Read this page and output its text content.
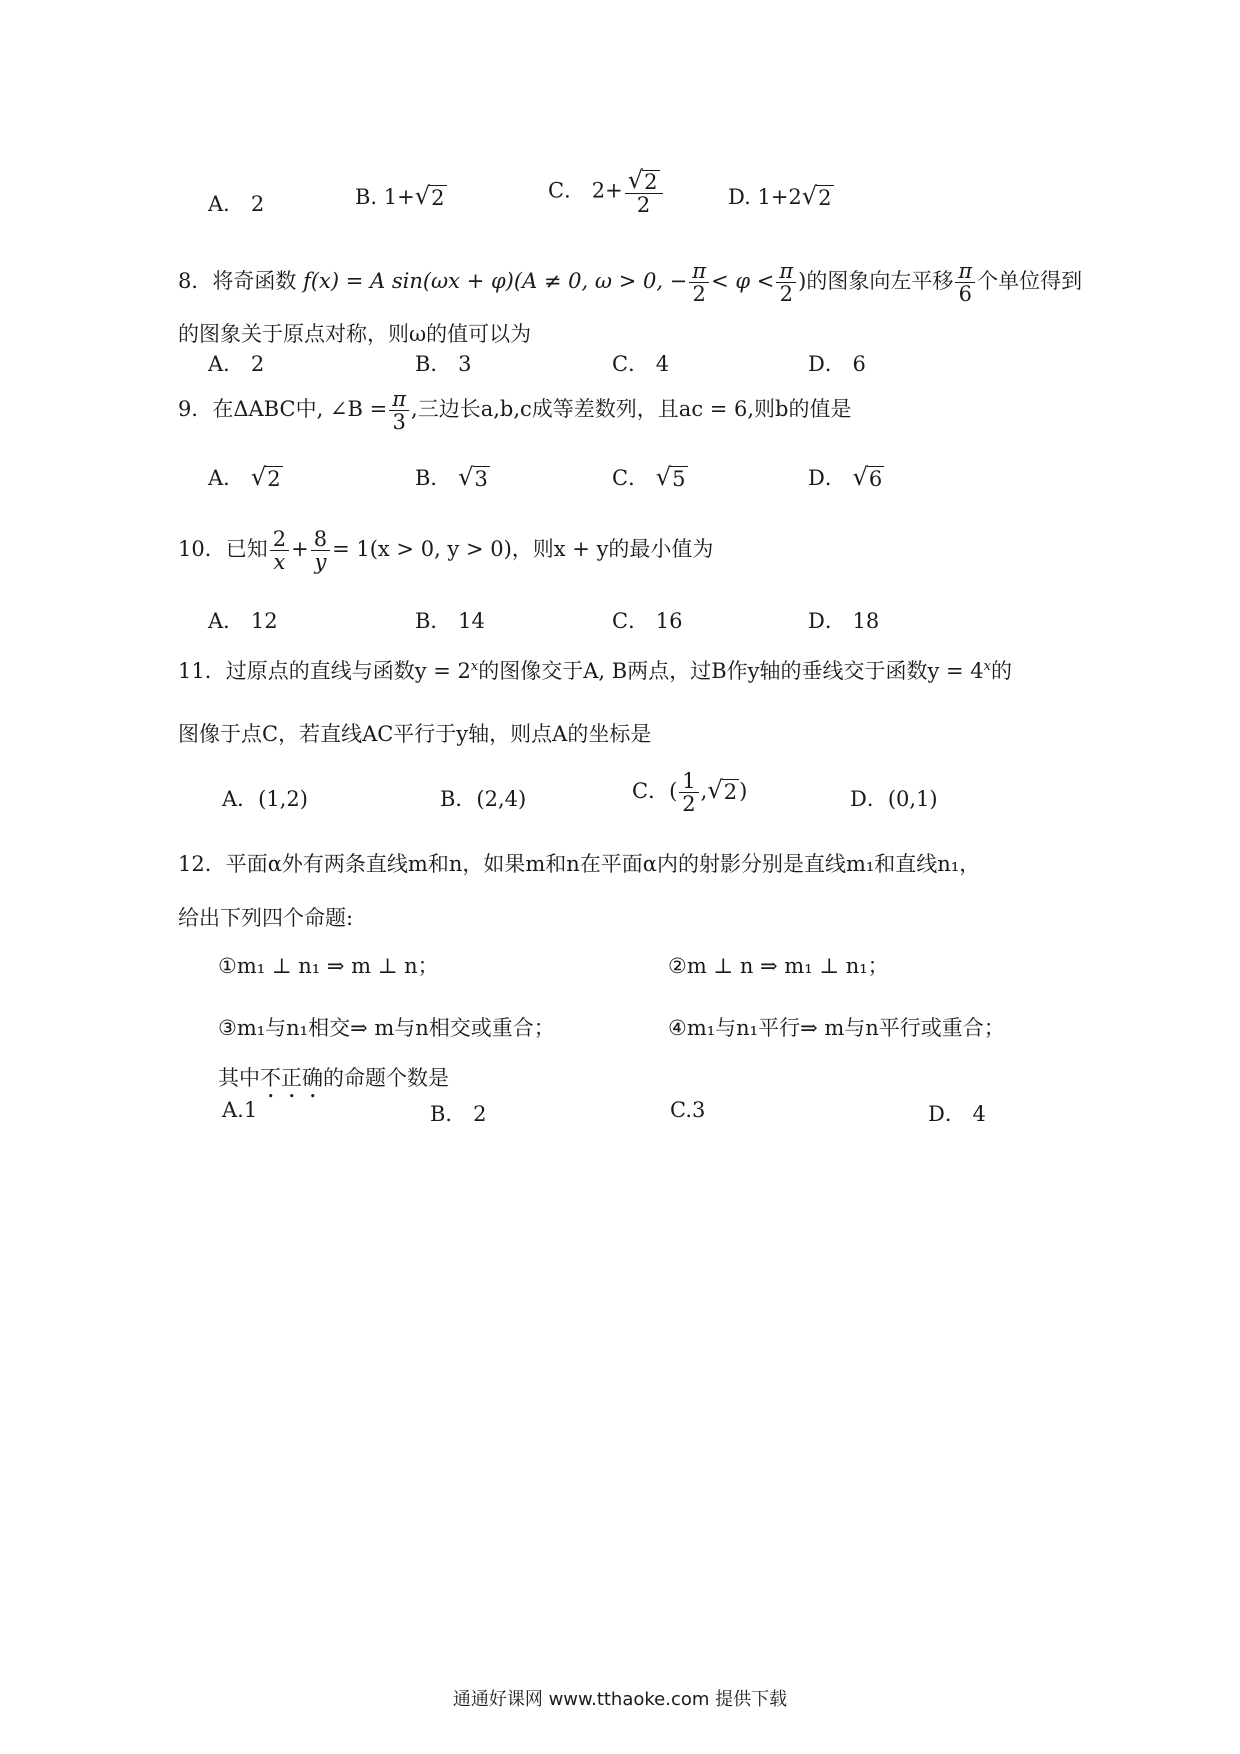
A． 2	B. 1+ √ 2	C． $2+ \frac{√ 2}{2}$	D. 1+2 √ 2
8．将奇函数 f(x) = A sin(ωx + φ)(A ≠ 0, ω > 0, − $\frac{\pi}{2} < \varphi < \frac{\pi}{2}$ )的图象向左平移 $\frac{\pi}{6}$ 个单位得到
的图象关于原点对称，则ω的值可以为
A． 2	B． 3	C． 4	D． 6
9．在ΔABC中, ∠B = $\frac{\pi}{3}$ ,三边长a,b,c成等差数列，且ac = 6,则b的值是
A． √ 2	B． √ 3	C． √ 5	D． √ 6
10．已知 $\frac{2}{x} + \frac{8}{y} = 1(x > 0$, y > 0)，则x + y的最小值为
A． 12	B． 14	C． 16	D． 18
11．过原点的直线与函数$y = 2^x$的图像交于A, B两点，过B作y轴的垂线交于函数$y = 4^x$的
图像于点C，若直线AC平行于y轴，则点A的坐标是
A．(1,2)	B．(2,4)	C．( $\frac{1}{2}$ , √ 2 )	D．(0,1)
12．平面α外有两条直线m和n，如果m和n在平面α内的射影分别是直线m₁和直线n₁，
给出下列四个命题:
①m₁ ⊥ n₁ ⇒ m ⊥ n；	②m ⊥ n ⇒ m₁ ⊥ n₁；
③m₁与n₁相交⇒ m与n相交或重合；	④m₁与n₁平行⇒ m与n平行或重合；
其中不正确的命题个数是
A.1	B． 2	C.3	D． 4
通通好课网 www.tthaoke.com 提供下载
